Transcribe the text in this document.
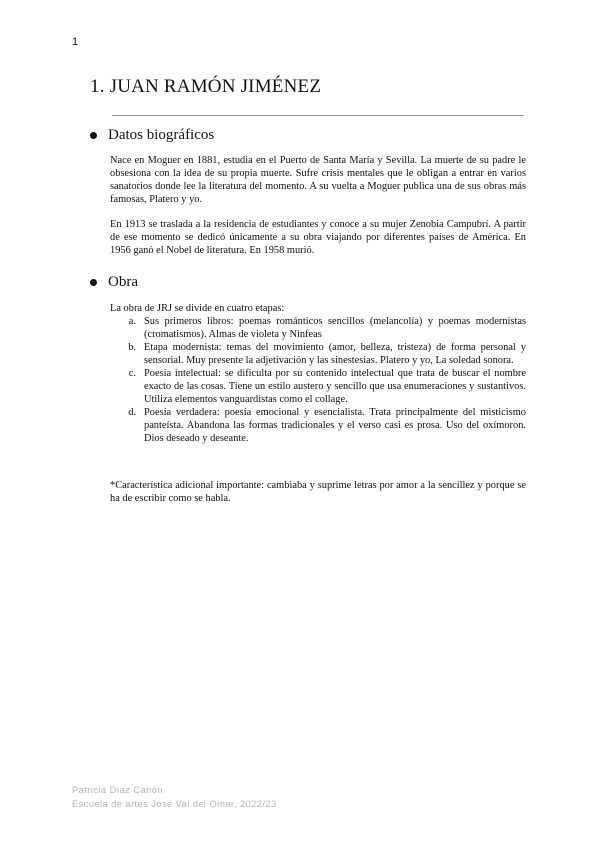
1
1. JUAN RAMÓN JIMÉNEZ
Datos biográficos

Nace en Moguer en 1881, estudia en el Puerto de Santa María y Sevilla. La muerte de su padre le obsesiona con la idea de su propia muerte. Sufre crisis mentales que le obligan a entrar en varios sanatorios donde lee la literatura del momento. A su vuelta a Moguer publica una de sus obras más famosas, Platero y yo.

En 1913 se traslada a la residencia de estudiantes y conoce a su mujer Zenobia Campubrí. A partir de ese momento se dedicó únicamente a su obra viajando por diferentes países de América. En 1956 ganó el Nobel de literatura. En 1958 murió.

Obra
La obra de JRJ se divide en cuatro etapas:
a. Sus primeros libros: poemas románticos sencillos (melancolía) y poemas modernistas (cromatismos). Almas de violeta y Ninfeas
b. Etapa modernista: temas del movimiento (amor, belleza, tristeza) de forma personal y sensorial. Muy presente la adjetivación y las sinestesias. Platero y yo, La soledad sonora.
c. Poesía intelectual: se dificulta por su contenido intelectual que trata de buscar el nombre exacto de las cosas. Tiene un estilo austero y sencillo que usa enumeraciones y sustantivos. Utiliza elementos vanguardistas como el collage.
d. Poesía verdadera: poesía emocional y esencialista. Trata principalmente del misticismo panteísta. Abandona las formas tradicionales y el verso casi es prosa. Uso del oxímoron. Dios deseado y deseante.

*Característica adicional importante: cambiaba y suprime letras por amor a la sencillez y porque se ha de escribir como se habla.

Patricia Díaz Canón
Escuela de artes José Val del Omar, 2022/23
